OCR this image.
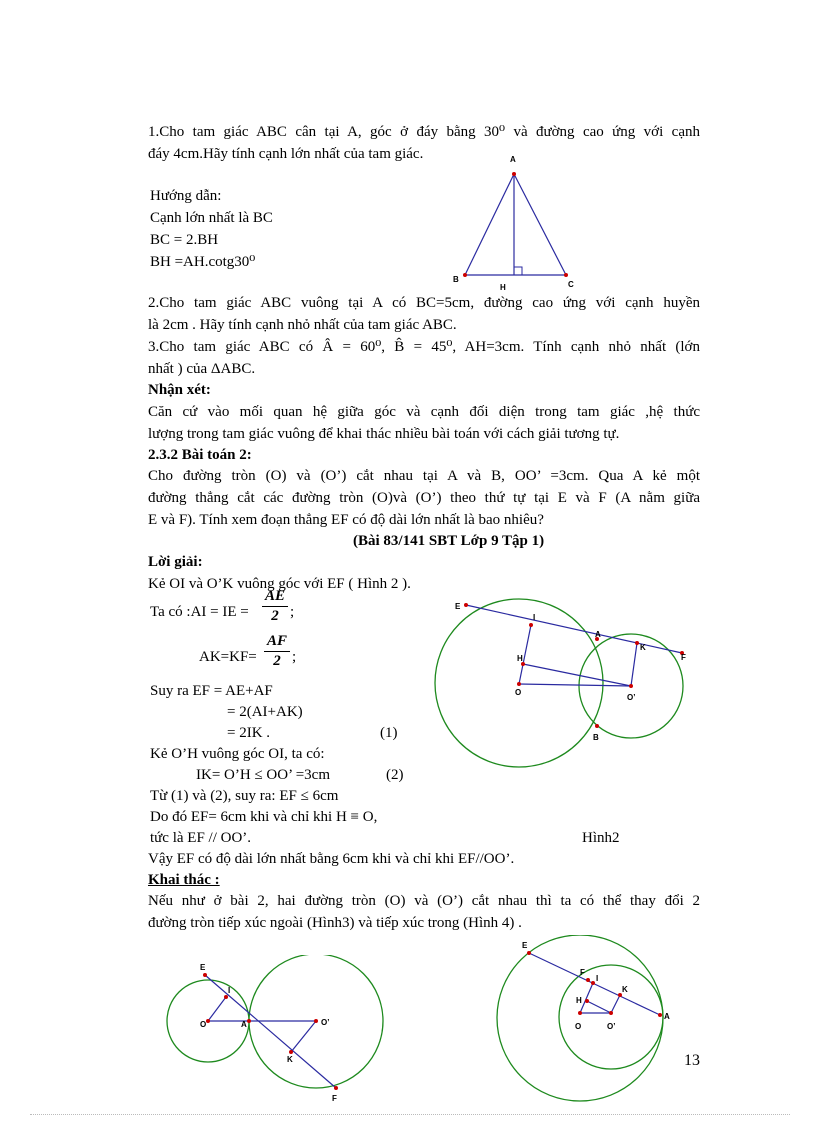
1.Cho tam giác ABC cân tại A, góc ở đáy bằng 30⁰ và đường cao ứng với cạnh
đáy 4cm.Hãy tính cạnh lớn nhất của tam giác.
Hướng dẫn:
Cạnh lớn nhất là BC
BC = 2.BH
BH =AH.cotg30⁰
2.Cho tam giác ABC vuông tại A có BC=5cm, đường cao ứng với cạnh huyền
là 2cm . Hãy tính cạnh nhỏ nhất của tam giác ABC.
3.Cho tam giác ABC có Â = 60⁰, B̂ = 45⁰, AH=3cm. Tính cạnh nhỏ nhất (lớn
nhất ) của ΔABC.
Nhận xét:
Căn cứ vào mối quan hệ giữa góc và cạnh đối diện trong tam giác ,hệ thức
lượng trong tam giác vuông để khai thác nhiều bài toán với cách giải tương tự.
2.3.2 Bài toán 2:
Cho đường tròn (O) và (O’) cắt nhau tại A và B, OO’ =3cm. Qua A kẻ một
đường thẳng cắt các đường tròn (O)và (O’) theo thứ tự tại E và F (A nằm giữa
E và F). Tính xem đoạn thẳng EF có độ dài lớn nhất là bao nhiêu?
(Bài 83/141 SBT Lớp 9 Tập 1)
Lời giải:
Kẻ OI và O’K vuông góc với EF ( Hình 2 ).
Ta có :AI = IE =
AE
2 ;
AK=KF=
AF
2 ;
Suy ra EF = AE+AF
= 2(AI+AK)
= 2IK .	(1)
Kẻ O’H vuông góc OI, ta có:
IK= O’H ≤ OO’ =3cm	(2)
Từ (1) và (2), suy ra: EF ≤ 6cm
Do đó EF= 6cm khi và chỉ khi H ≡ O,
tức là EF // OO’.	Hình2
Vậy EF có độ dài lớn nhất bằng 6cm khi và chỉ khi EF//OO’.
Khai thác :
Nếu như ở bài 2, hai đường tròn (O) và (O’) cắt nhau thì ta có thể thay đổi 2
đường tròn tiếp xúc ngoài (Hình3) và tiếp xúc trong (Hình 4) .
A
B
C
H
E
I
A
K
F
H
O
O’
B
E
I
O	A	O’
K
F
E
F
I
K
H
O	O’
A
13
